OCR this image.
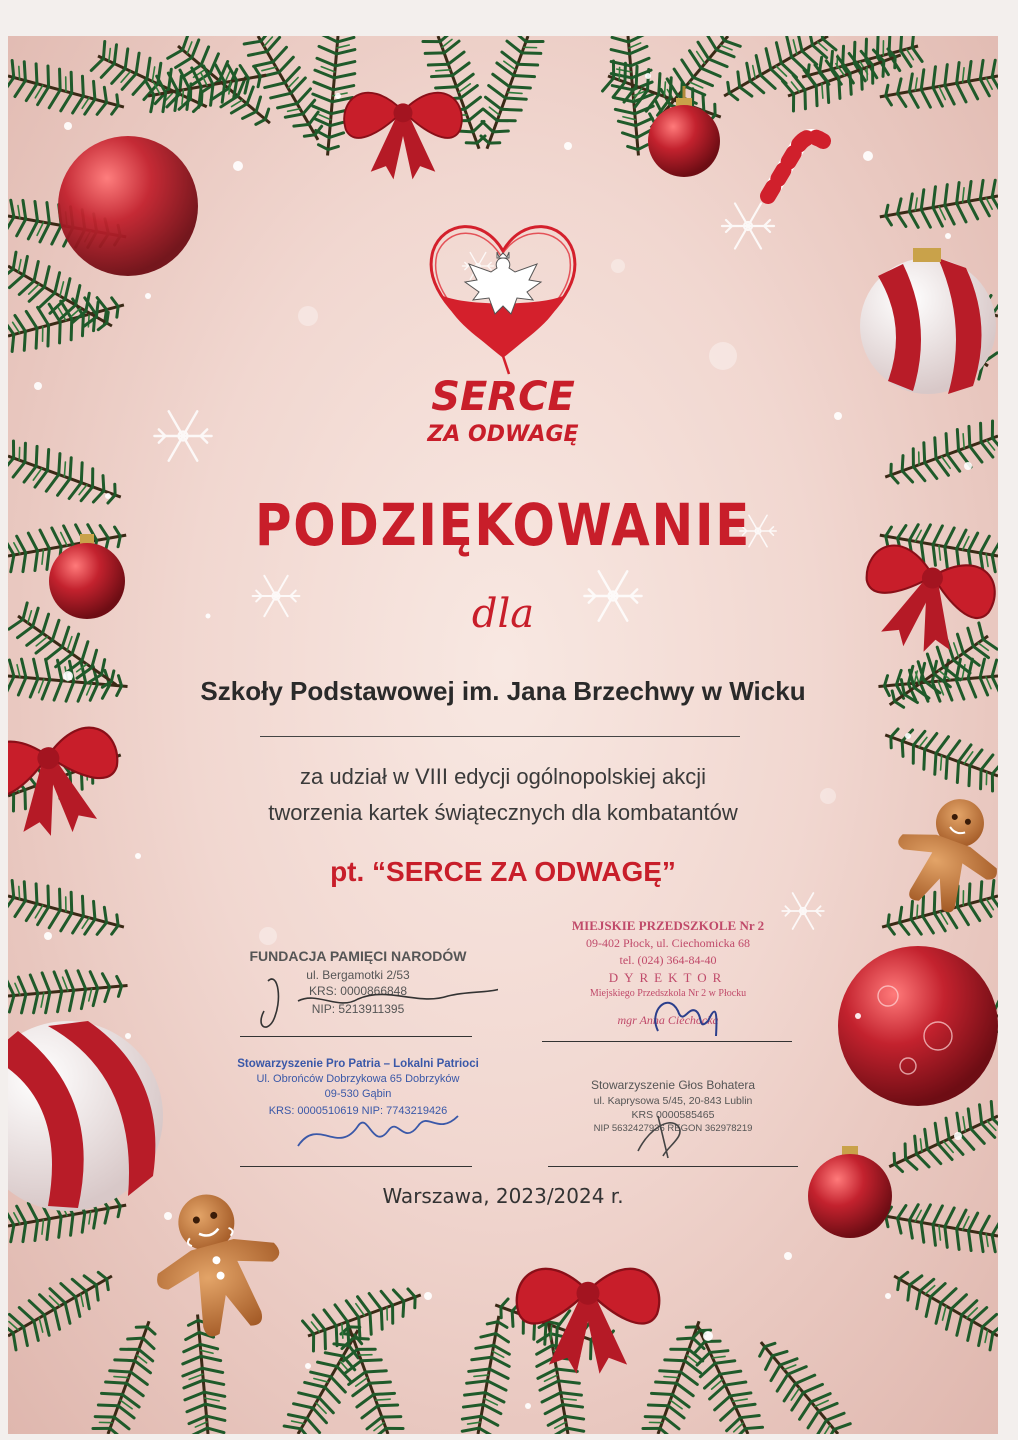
SERCE
ZA ODWAGĘ
PODZIĘKOWANIE
dla
Szkoły Podstawowej im. Jana Brzechwy w Wicku
za udział w VIII edycji ogólnopolskiej akcji
tworzenia kartek świątecznych dla kombatantów
pt. “SERCE ZA ODWAGĘ”
FUNDACJA PAMIĘCI NARODÓW
ul. Bergamotki 2/53
KRS: 0000866848
NIP: 5213911395
MIEJSKIE PRZEDSZKOLE Nr 2
09-402 Płock, ul. Ciechomicka 68
tel. (024) 364-84-40
DYREKTOR
Miejskiego Przedszkola Nr 2 w Płocku
mgr Anna Ciechocka
Stowarzyszenie Pro Patria – Lokalni Patrioci
Ul. Obrońców Dobrzykowa 65 Dobrzyków
09-530 Gąbin
KRS: 0000510619 NIP: 7743219426
Stowarzyszenie Głos Bohatera
ul. Kaprysowa 5/45, 20-843 Lublin
KRS 0000585465
NIP 5632427936 REGON 362978219
Warszawa, 2023/2024 r.
